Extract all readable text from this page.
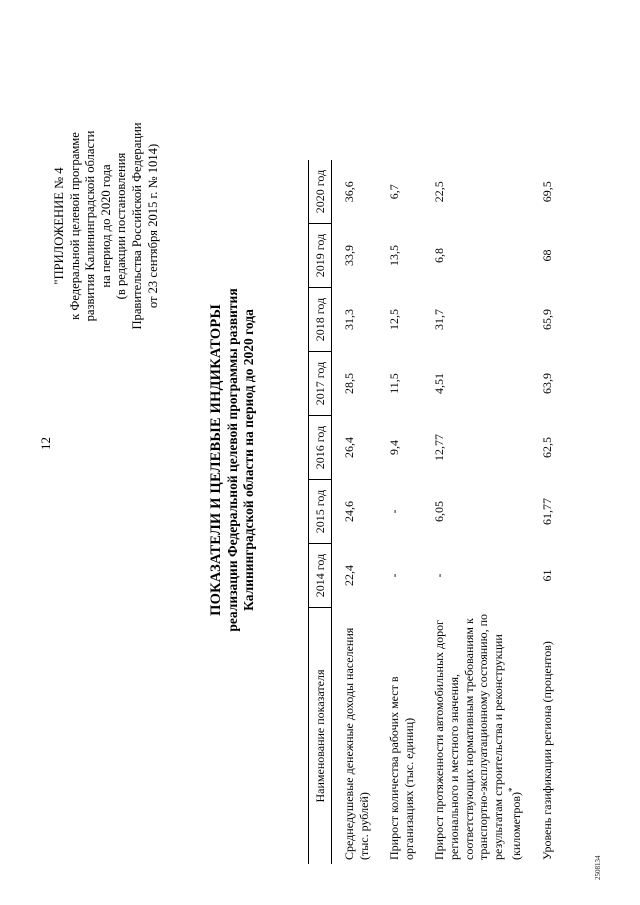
12
2508134
"ПРИЛОЖЕНИЕ № 4 к Федеральной целевой программе развития Калининградской области на период до 2020 года (в редакции постановления Правительства Российской Федерации от 23 сентября 2015 г. № 1014)
ПОКАЗАТЕЛИ И ЦЕЛЕВЫЕ ИНДИКАТОРЫ реализации Федеральной целевой программы развития Калининградской области на период до 2020 года
Наименование показателя	2014 год	2015 год	2016 год	2017 год	2018 год	2019 год	2020 год
Среднедушевые денежные доходы населения (тыс. рублей)	22,4	24,6	26,4	28,5	31,3	33,9	36,6
Прирост количества рабочих мест в организациях (тыс. единиц)	-	-	9,4	11,5	12,5	13,5	6,7
Прирост протяженности автомобильных дорог регионального и местного значения, соответствующих нормативным требованиям к транспортно-эксплуатационному состоянию, по результатам строительства и реконструкции (километров)*	-	6,05	12,77	4,51	31,7	6,8	22,5
Уровень газификации региона (процентов)	61	61,77	62,5	63,9	65,9	68	69,5
